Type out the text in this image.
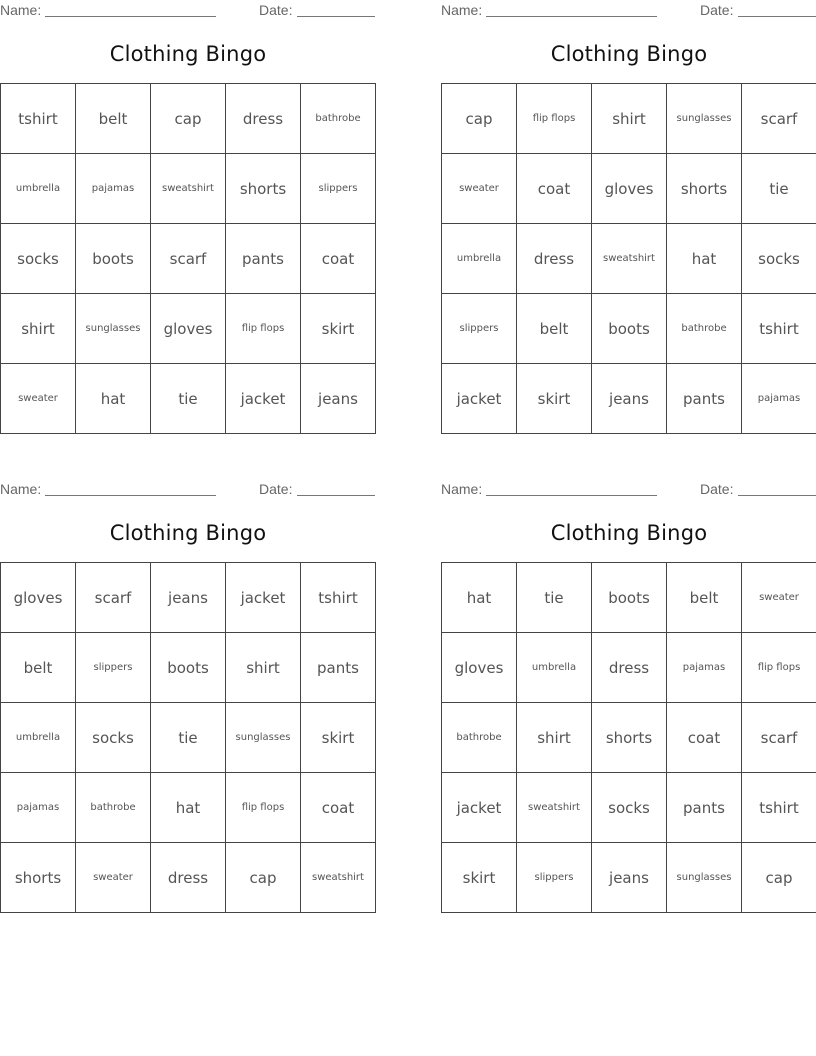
Name:	Date:
Clothing Bingo
tshirt	belt	cap	dress	bathrobe
umbrella	pajamas	sweatshirt	shorts	slippers
socks	boots	scarf	pants	coat
shirt	sunglasses	gloves	flip flops	skirt
sweater	hat	tie	jacket	jeans
Name:	Date:
Clothing Bingo
cap	flip flops	shirt	sunglasses	scarf
sweater	coat	gloves	shorts	tie
umbrella	dress	sweatshirt	hat	socks
slippers	belt	boots	bathrobe	tshirt
jacket	skirt	jeans	pants	pajamas
Name:	Date:
Clothing Bingo
gloves	scarf	jeans	jacket	tshirt
belt	slippers	boots	shirt	pants
umbrella	socks	tie	sunglasses	skirt
pajamas	bathrobe	hat	flip flops	coat
shorts	sweater	dress	cap	sweatshirt
Name:	Date:
Clothing Bingo
hat	tie	boots	belt	sweater
gloves	umbrella	dress	pajamas	flip flops
bathrobe	shirt	shorts	coat	scarf
jacket	sweatshirt	socks	pants	tshirt
skirt	slippers	jeans	sunglasses	cap
